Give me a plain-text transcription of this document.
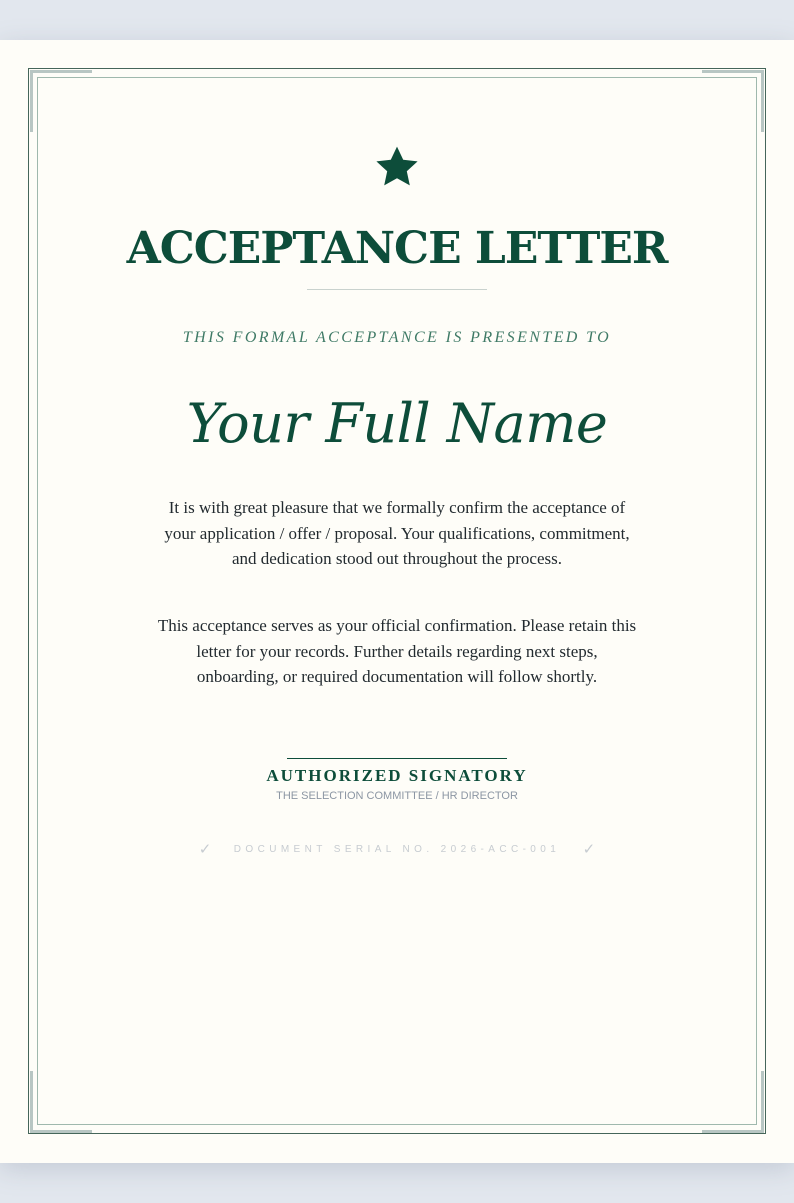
ACCEPTANCE LETTER
THIS FORMAL ACCEPTANCE IS PRESENTED TO
Your Full Name
It is with great pleasure that we formally confirm the acceptance of your application / offer / proposal. Your qualifications, commitment, and dedication stood out throughout the process.
This acceptance serves as your official confirmation. Please retain this letter for your records. Further details regarding next steps, onboarding, or required documentation will follow shortly.
AUTHORIZED SIGNATORY
THE SELECTION COMMITTEE / HR DIRECTOR
✓ DOCUMENT SERIAL NO. 2026-ACC-001 ✓
